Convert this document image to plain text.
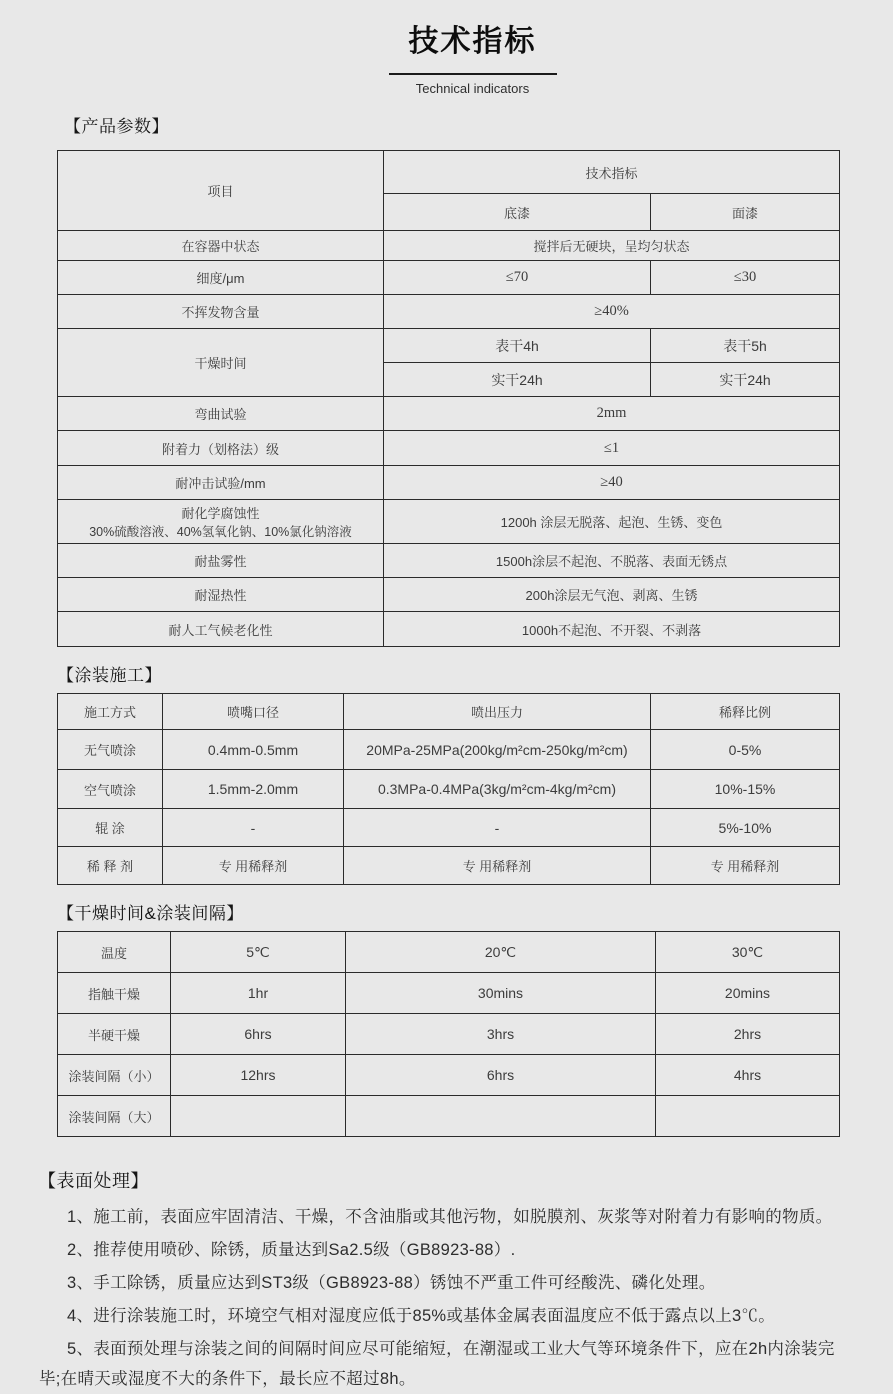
技术指标
Technical indicators
【产品参数】
项目	技术指标	
	底漆	面漆
在容器中状态	搅拌后无硬块，呈均匀状态	
细度/μm	≤70	≤30
不挥发物含量	≥40%	
干燥时间	表干4h	表干5h
	实干24h	实干24h
弯曲试验	2mm	
附着力（划格法）级	≤1	
耐冲击试验/mm	≥40	

耐化学腐蚀性
30%硫酸溶液、40%氢氧化钠、10%氯化钠溶液	1200h 涂层无脱落、起泡、生锈、变色	
耐盐雾性	1500h涂层不起泡、不脱落、表面无锈点	
耐湿热性	200h涂层无气泡、剥离、生锈	
耐人工气候老化性	1000h不起泡、不开裂、不剥落	
【涂装施工】
施工方式	喷嘴口径	喷出压力	稀释比例
无气喷涂	0.4mm-0.5mm	20MPa-25MPa(200kg/m²cm-250kg/m²cm)	0-5%
空气喷涂	1.5mm-2.0mm	0.3MPa-0.4MPa(3kg/m²cm-4kg/m²cm)	10%-15%
辊 涂	-	-	5%-10%
稀 释 剂	专 用稀释剂	专 用稀释剂	专 用稀释剂
【干燥时间&涂装间隔】
温度	5℃	20℃	30℃
指触干燥	1hr	30mins	20mins
半硬干燥	6hrs	3hrs	2hrs
涂装间隔（小）	12hrs	6hrs	4hrs
涂装间隔（大）			
【表面处理】
1、施工前，表面应牢固清洁、干燥，不含油脂或其他污物，如脱膜剂、灰浆等对附着力有影响的物质。
2、推荐使用喷砂、除锈，质量达到Sa2.5级（GB8923-88）.
3、手工除锈，质量应达到ST3级（GB8923-88）锈蚀不严重工件可经酸洗、磷化处理。
4、进行涂装施工时，环境空气相对湿度应低于85%或基体金属表面温度应不低于露点以上3℃。
5、表面预处理与涂装之间的间隔时间应尽可能缩短，在潮湿或工业大气等环境条件下，应在2h内涂装完毕;在晴天或湿度不大的条件下，最长应不超过8h。
